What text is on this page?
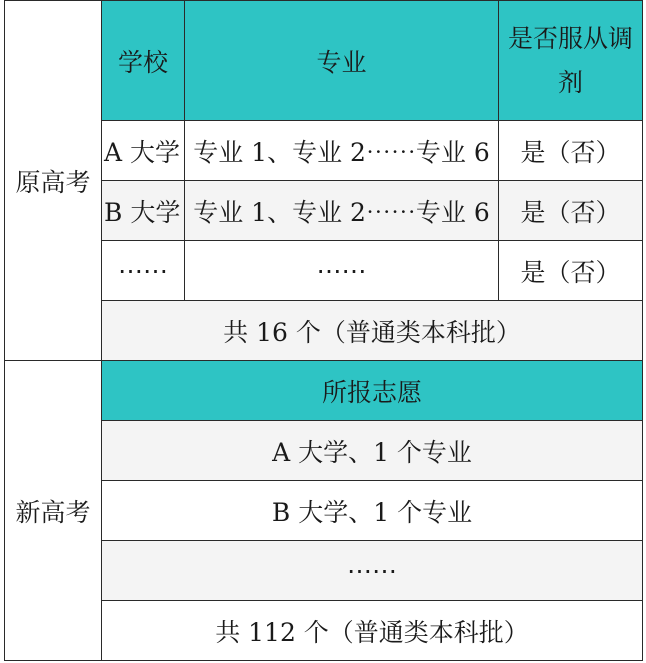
原高考	学校	专业	是否服从调剂
	A 大学	专业 1、专业 2⋯⋯专业 6	是（否）
	B 大学	专业 1、专业 2⋯⋯专业 6	是（否）
	⋯⋯	⋯⋯	是（否）
	共 16 个（普通类本科批）		
新高考	所报志愿		
	A 大学、1 个专业		
	B 大学、1 个专业		
	⋯⋯		
	共 112 个（普通类本科批）		
